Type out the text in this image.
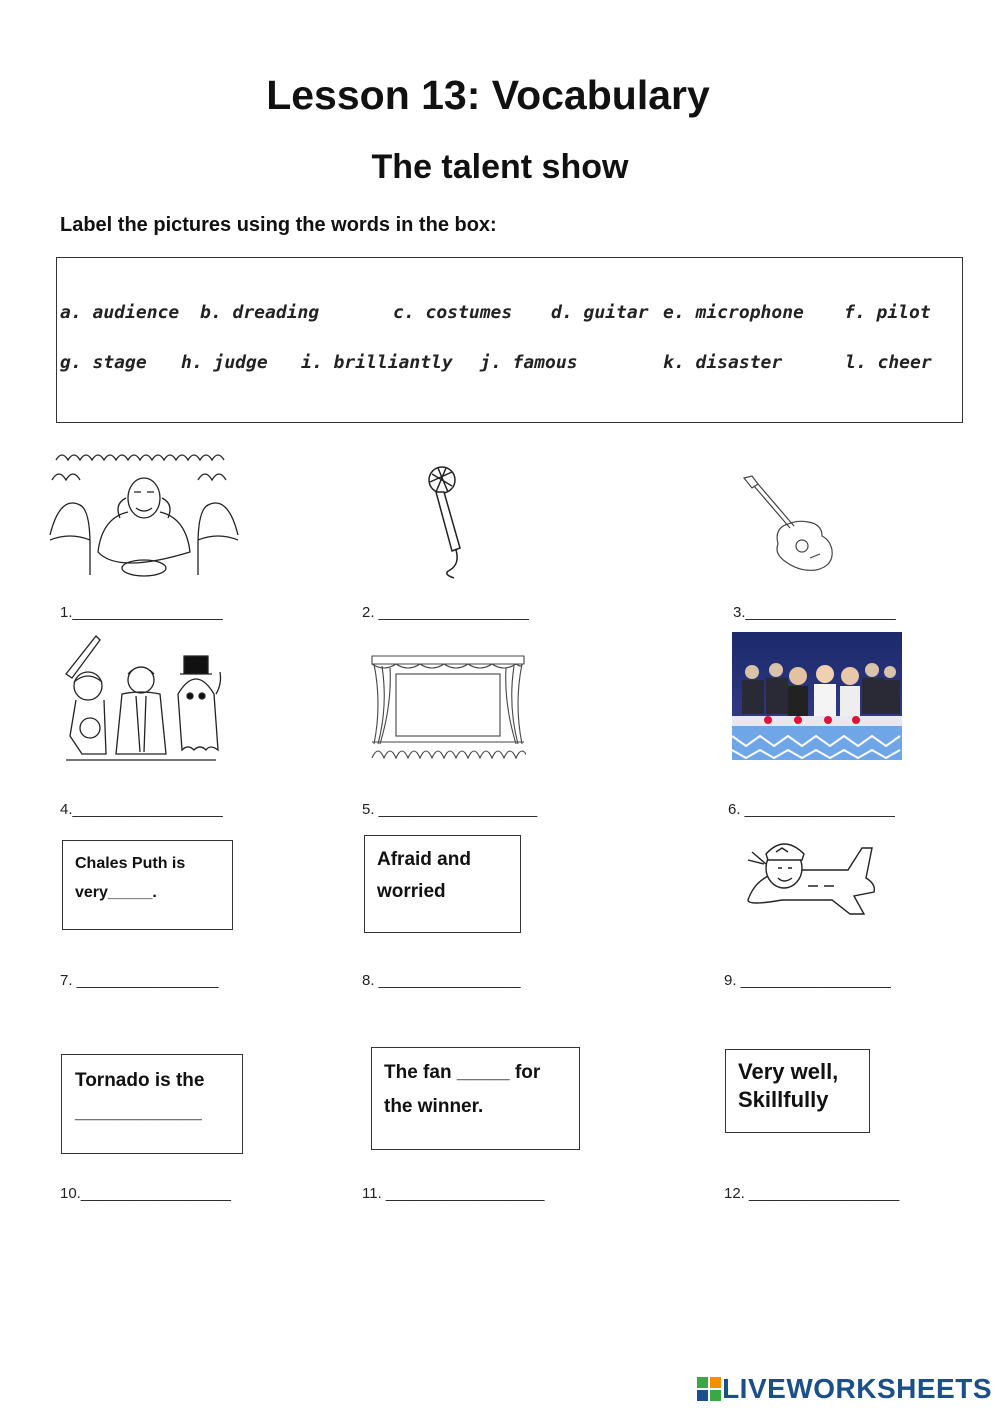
Lesson 13: Vocabulary
The talent show
Label the pictures using the words in the box:
a. audience b. dreading	c. costumes d. guitar e. microphone f. pilot
g. stage h. judge i. brilliantly j. famous	k. disaster	l. cheer
1.__________________	2. __________________	3.__________________
4.__________________	5. ___________________	6. __________________
Chales Puth is
very_____.
Afraid and
worried
7. _________________	8. _________________	9. __________________
Tornado is the
____________
The fan _____ for
the winner.
Very well,
Skillfully
10.__________________	11. ___________________	12. __________________
LIVEWORKSHEETS
